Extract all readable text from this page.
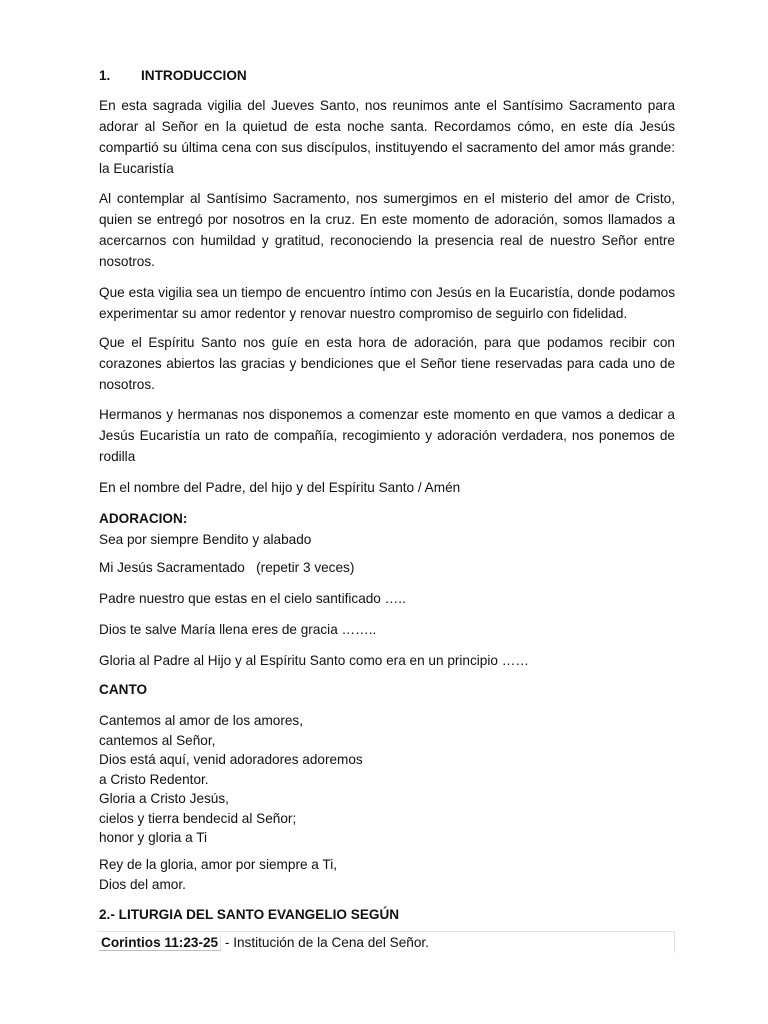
1. INTRODUCCION
En esta sagrada vigilia del Jueves Santo, nos reunimos ante el Santísimo Sacramento para adorar al Señor en la quietud de esta noche santa. Recordamos cómo, en este día Jesús compartió su última cena con sus discípulos, instituyendo el sacramento del amor más grande: la Eucaristía
Al contemplar al Santísimo Sacramento, nos sumergimos en el misterio del amor de Cristo, quien se entregó por nosotros en la cruz. En este momento de adoración, somos llamados a acercarnos con humildad y gratitud, reconociendo la presencia real de nuestro Señor entre nosotros.
Que esta vigilia sea un tiempo de encuentro íntimo con Jesús en la Eucaristía, donde podamos experimentar su amor redentor y renovar nuestro compromiso de seguirlo con fidelidad.
Que el Espíritu Santo nos guíe en esta hora de adoración, para que podamos recibir con corazones abiertos las gracias y bendiciones que el Señor tiene reservadas para cada uno de nosotros.
Hermanos y hermanas nos disponemos a comenzar este momento en que vamos a dedicar a Jesús Eucaristía un rato de compañía, recogimiento y adoración verdadera, nos ponemos de rodilla
En el nombre del Padre, del hijo y del Espíritu Santo / Amén
ADORACION:
Sea por siempre Bendito y alabado
Mi Jesús Sacramentado   (repetir 3 veces)
Padre nuestro que estas en el cielo santificado …..
Dios te salve María llena eres de gracia ……..
Gloria al Padre al Hijo y al Espíritu Santo como era en un principio ……
CANTO
Cantemos al amor de los amores,
cantemos al Señor,
Dios está aquí, venid adoradores adoremos
a Cristo Redentor.
Gloria a Cristo Jesús,
cielos y tierra bendecid al Señor;
honor y gloria a Ti
Rey de la gloria, amor por siempre a Ti,
Dios del amor.
2.- LITURGIA DEL SANTO EVANGELIO SEGÚN
Corintios 11:23-25 - Institución de la Cena del Señor.
